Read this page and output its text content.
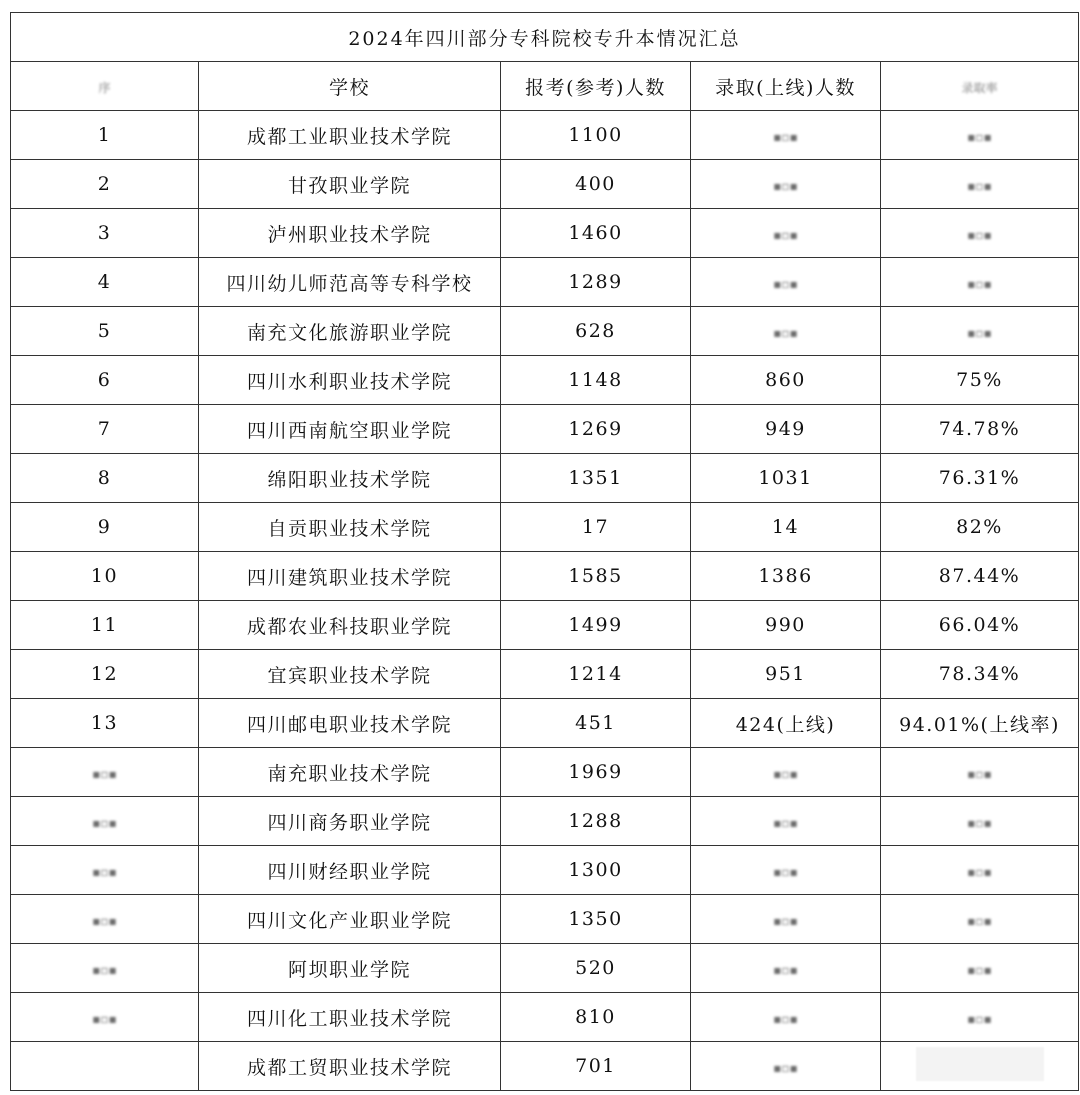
2024年四川部分专科院校专升本情况汇总				
序	学校	报考(参考)人数	录取(上线)人数	录取率
1	成都工业职业技术学院	1100	▪▫▪	▪▫▪
2	甘孜职业学院	400	▪▫▪	▪▫▪
3	泸州职业技术学院	1460	▪▫▪	▪▫▪
4	四川幼儿师范高等专科学校	1289	▪▫▪	▪▫▪
5	南充文化旅游职业学院	628	▪▫▪	▪▫▪
6	四川水利职业技术学院	1148	860	75%
7	四川西南航空职业学院	1269	949	74.78%
8	绵阳职业技术学院	1351	1031	76.31%
9	自贡职业技术学院	17	14	82%
10	四川建筑职业技术学院	1585	1386	87.44%
11	成都农业科技职业学院	1499	990	66.04%
12	宜宾职业技术学院	1214	951	78.34%
13	四川邮电职业技术学院	451	424(上线)	94.01%(上线率)
▪▫▪	南充职业技术学院	1969	▪▫▪	▪▫▪
▪▫▪	四川商务职业学院	1288	▪▫▪	▪▫▪
▪▫▪	四川财经职业学院	1300	▪▫▪	▪▫▪
▪▫▪	四川文化产业职业学院	1350	▪▫▪	▪▫▪
▪▫▪	阿坝职业学院	520	▪▫▪	▪▫▪
▪▫▪	四川化工职业技术学院	810	▪▫▪	▪▫▪
	成都工贸职业技术学院	701	▪▫▪	
